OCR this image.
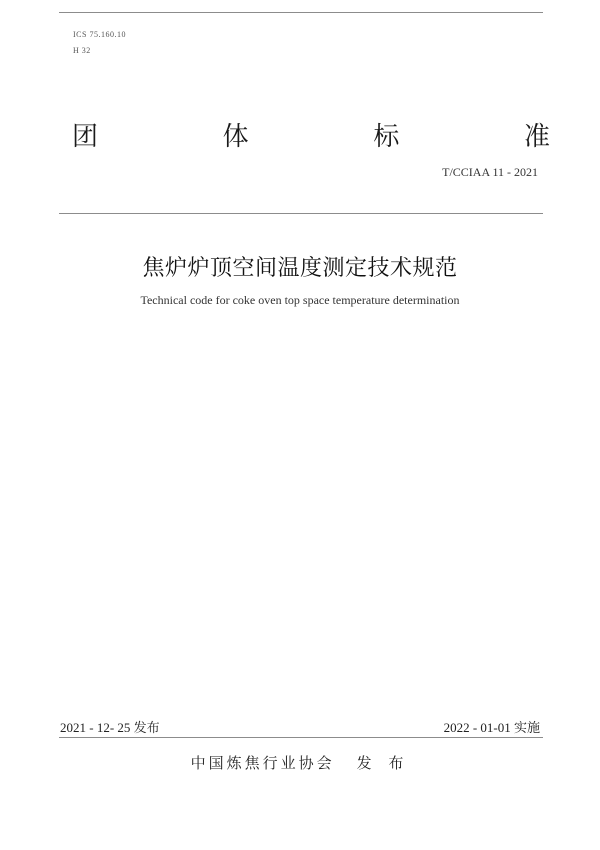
ICS 75.160.10
H 32
团	体	标	准
T/CCIAA 11 - 2021
焦炉炉顶空间温度测定技术规范
Technical code for coke oven top space temperature determination
2021 - 12- 25 发布	2022 - 01-01 实施
中国炼焦行业协会 发 布
